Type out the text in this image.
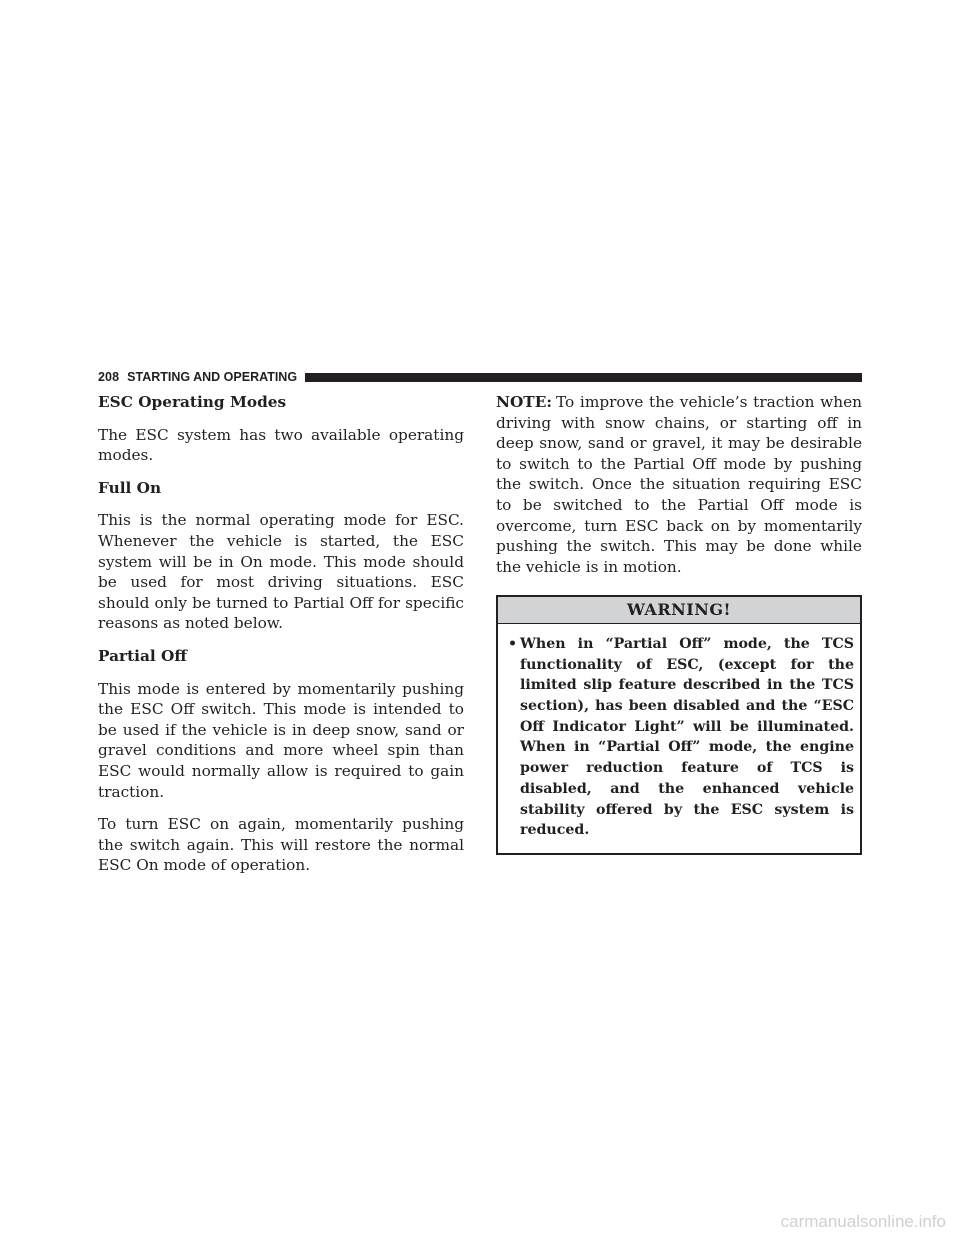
208 STARTING AND OPERATING
ESC Operating Modes

The ESC system has two available operating modes.

Full On

This is the normal operating mode for ESC. Whenever the vehicle is started, the ESC system will be in On mode. This mode should be used for most driving situations. ESC should only be turned to Partial Off for specific reasons as noted below.

Partial Off

This mode is entered by momentarily pushing the ESC Off switch. This mode is intended to be used if the vehicle is in deep snow, sand or gravel conditions and more wheel spin than ESC would normally allow is required to gain traction.

To turn ESC on again, momentarily pushing the switch again. This will restore the normal ESC On mode of operation.

NOTE: To improve the vehicle’s traction when driving with snow chains, or starting off in deep snow, sand or gravel, it may be desirable to switch to the Partial Off mode by pushing the switch. Once the situation requiring ESC to be switched to the Partial Off mode is overcome, turn ESC back on by momentarily pushing the switch. This may be done while the vehicle is in motion.

WARNING!
• When in “Partial Off” mode, the TCS functionality of ESC, (except for the limited slip feature described in the TCS section), has been disabled and the “ESC Off Indicator Light” will be illuminated. When in “Partial Off” mode, the engine power reduction feature of TCS is disabled, and the enhanced vehicle stability offered by the ESC system is reduced.
carmanualsonline.info
